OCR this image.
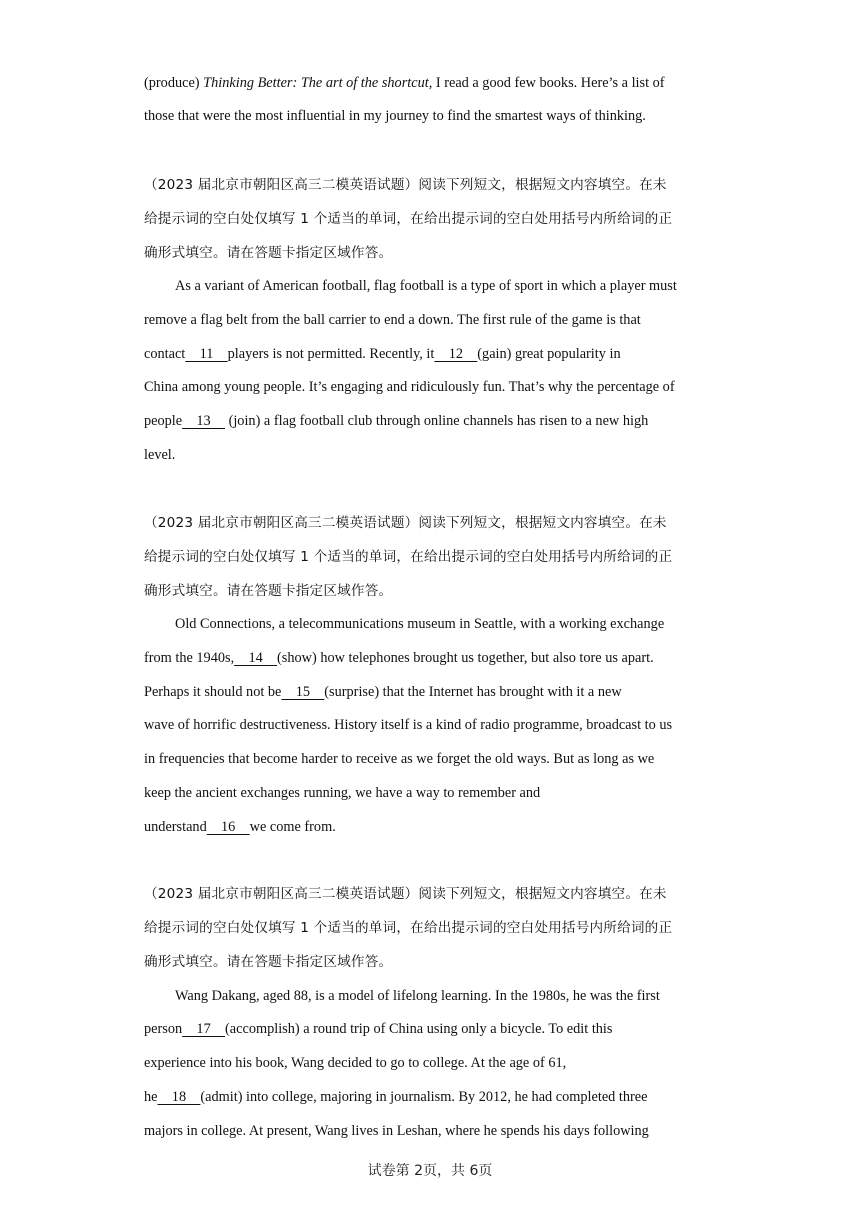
(produce) Thinking Better: The art of the shortcut, I read a good few books. Here’s a list of
those that were the most influential in my journey to find the smartest ways of thinking.
（2023 届北京市朝阳区高三二模英语试题）阅读下列短文，根据短文内容填空。在未
给提示词的空白处仅填写 1 个适当的单词，在给出提示词的空白处用括号内所给词的正
确形式填空。请在答题卡指定区域作答。
As a variant of American football, flag football is a type of sport in which a player must
remove a flag belt from the ball carrier to end a down. The first rule of the game is that
contact    11    players is not permitted. Recently, it    12    (gain) great popularity in
China among young people. It’s engaging and ridiculously fun. That’s why the percentage of
people    13     (join) a flag football club through online channels has risen to a new high
level.
（2023 届北京市朝阳区高三二模英语试题）阅读下列短文，根据短文内容填空。在未
给提示词的空白处仅填写 1 个适当的单词，在给出提示词的空白处用括号内所给词的正
确形式填空。请在答题卡指定区域作答。
Old Connections, a telecommunications museum in Seattle, with a working exchange
from the 1940s,    14    (show) how telephones brought us together, but also tore us apart.
Perhaps it should not be    15    (surprise) that the Internet has brought with it a new
wave of horrific destructiveness. History itself is a kind of radio programme, broadcast to us
in frequencies that become harder to receive as we forget the old ways. But as long as we
keep the ancient exchanges running, we have a way to remember and
understand    16    we come from.
（2023 届北京市朝阳区高三二模英语试题）阅读下列短文，根据短文内容填空。在未
给提示词的空白处仅填写 1 个适当的单词，在给出提示词的空白处用括号内所给词的正
确形式填空。请在答题卡指定区域作答。
Wang Dakang, aged 88, is a model of lifelong learning. In the 1980s, he was the first
person    17    (accomplish) a round trip of China using only a bicycle. To edit this
experience into his book, Wang decided to go to college. At the age of 61,
he    18    (admit) into college, majoring in journalism. By 2012, he had completed three
majors in college. At present, Wang lives in Leshan, where he spends his days following
试卷第 2页，共 6页
